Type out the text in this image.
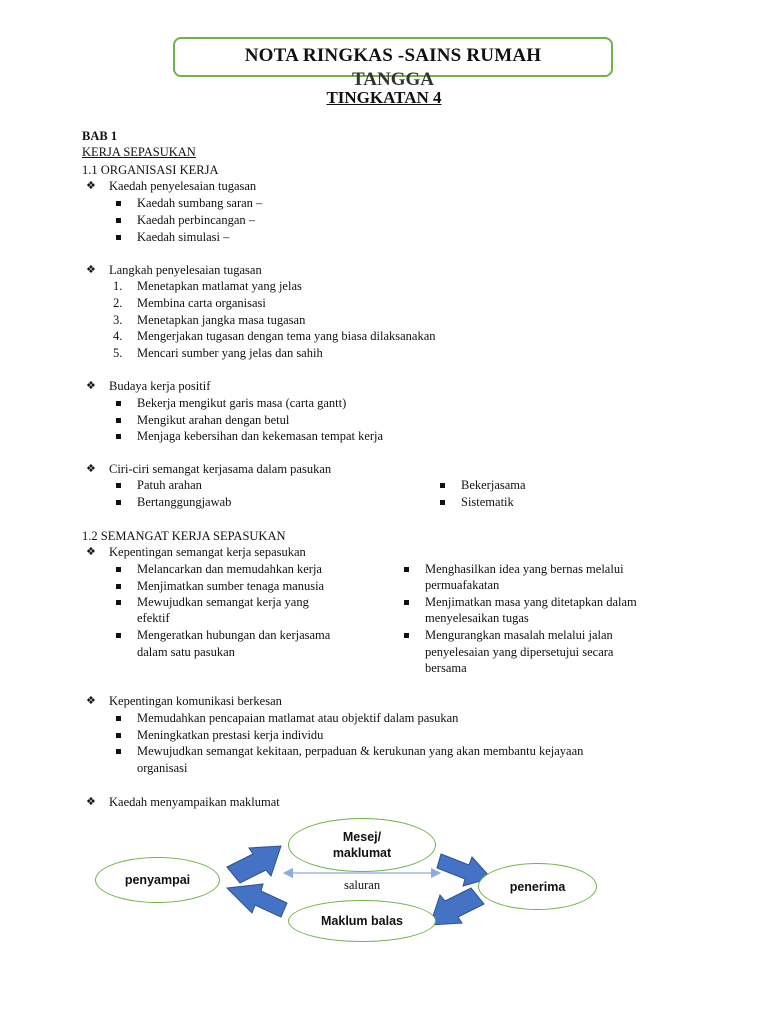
NOTA RINGKAS -SAINS RUMAH
TANGGA
TINGKATAN 4
BAB 1
KERJA SEPASUKAN
1.1 ORGANISASI KERJA
❖ Kaedah penyelesaian tugasan
Kaedah sumbang saran –
Kaedah perbincangan –
Kaedah simulasi –
❖ Langkah penyelesaian tugasan
1. Menetapkan matlamat yang jelas
2. Membina carta organisasi
3. Menetapkan jangka masa tugasan
4. Mengerjakan tugasan dengan tema yang biasa dilaksanakan
5. Mencari sumber yang jelas dan sahih
❖ Budaya kerja positif
Bekerja mengikut garis masa (carta gantt)
Mengikut arahan dengan betul
Menjaga kebersihan dan kekemasan tempat kerja
❖ Ciri-ciri semangat kerjasama dalam pasukan
Patuh arahan
Bertanggungjawab
Bekerjasama
Sistematik
1.2 SEMANGAT KERJA SEPASUKAN
❖ Kepentingan semangat kerja sepasukan
Melancarkan dan memudahkan kerja
Menjimatkan sumber tenaga manusia
Mewujudkan semangat kerja yang
efektif
Mengeratkan hubungan dan kerjasama
dalam satu pasukan
Menghasilkan idea yang bernas melalui
permuafakatan
Menjimatkan masa yang ditetapkan dalam
menyelesaikan tugas
Mengurangkan masalah melalui jalan
penyelesaian yang dipersetujui secara
bersama
❖ Kepentingan komunikasi berkesan
Memudahkan pencapaian matlamat atau objektif dalam pasukan
Meningkatkan prestasi kerja individu
Mewujudkan semangat kekitaan, perpaduan & kerukunan yang akan membantu kejayaan
organisasi
❖ Kaedah menyampaikan maklumat
Mesej/
maklumat
penyampai	penerima
Maklum balas
saluran
